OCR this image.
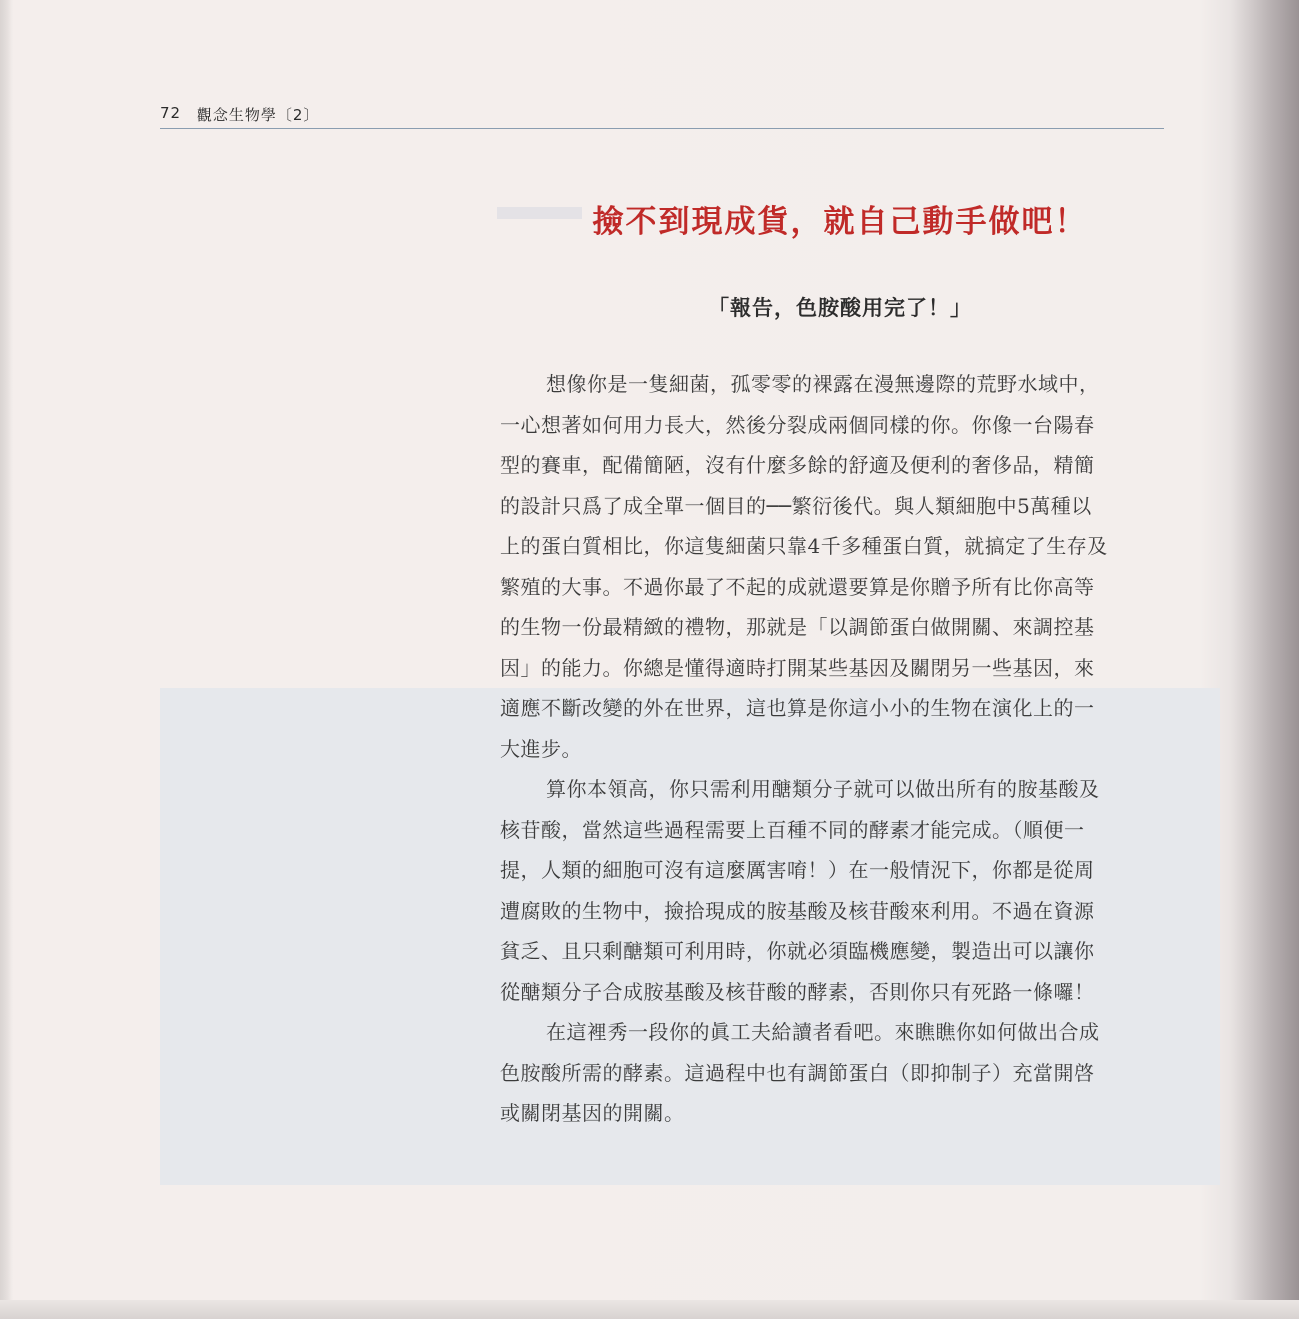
72 觀念生物學〔2〕
撿不到現成貨，就自己動手做吧！
「報告，色胺酸用完了！」
想像你是一隻細菌，孤零零的裸露在漫無邊際的荒野水域中，
一心想著如何用力長大，然後分裂成兩個同樣的你。你像一台陽春
型的賽車，配備簡陋，沒有什麼多餘的舒適及便利的奢侈品，精簡
的設計只爲了成全單一個目的──繁衍後代。與人類細胞中5萬種以
上的蛋白質相比，你這隻細菌只靠4千多種蛋白質，就搞定了生存及
繁殖的大事。不過你最了不起的成就還要算是你贈予所有比你高等
的生物一份最精緻的禮物，那就是「以調節蛋白做開關、來調控基
因」的能力。你總是懂得適時打開某些基因及關閉另一些基因，來
適應不斷改變的外在世界，這也算是你這小小的生物在演化上的一
大進步。
算你本領高，你只需利用醣類分子就可以做出所有的胺基酸及
核苷酸，當然這些過程需要上百種不同的酵素才能完成。（順便一
提，人類的細胞可沒有這麼厲害唷！）在一般情況下，你都是從周
遭腐敗的生物中，撿拾現成的胺基酸及核苷酸來利用。不過在資源
貧乏、且只剩醣類可利用時，你就必須臨機應變，製造出可以讓你
從醣類分子合成胺基酸及核苷酸的酵素，否則你只有死路一條囉！
在這裡秀一段你的眞工夫給讀者看吧。來瞧瞧你如何做出合成
色胺酸所需的酵素。這過程中也有調節蛋白（即抑制子）充當開啓
或關閉基因的開關。
